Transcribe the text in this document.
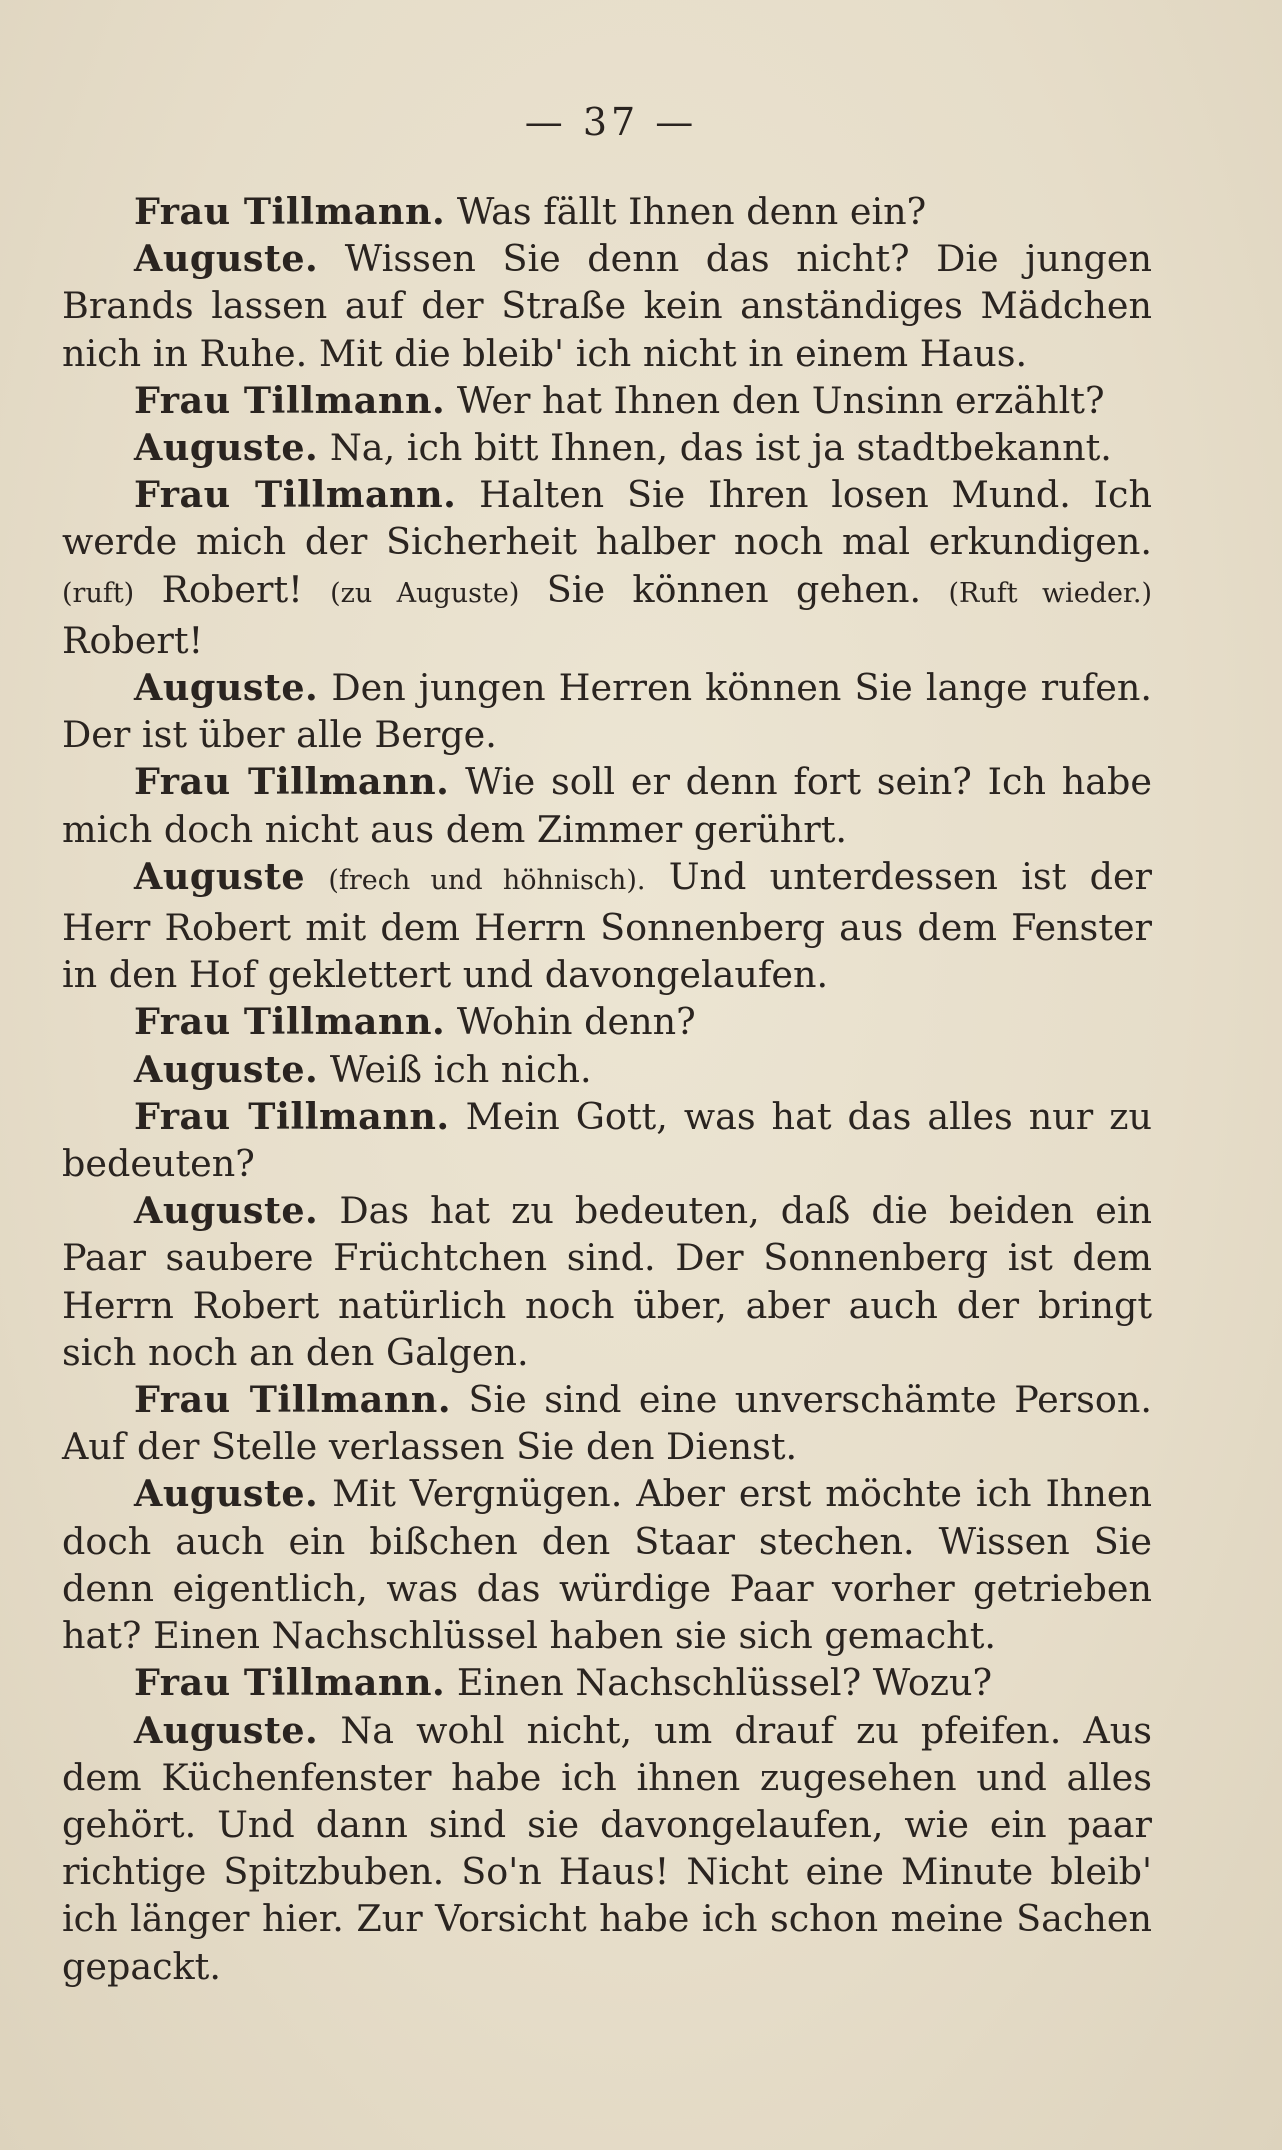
— 37 —

Frau Tillmann. Was fällt Ihnen denn ein?

Auguste. Wissen Sie denn das nicht? Die jungen Brands lassen auf der Straße kein anständiges Mädchen nich in Ruhe. Mit die bleib' ich nicht in einem Haus.

Frau Tillmann. Wer hat Ihnen den Unsinn erzählt?

Auguste. Na, ich bitt Ihnen, das ist ja stadtbekannt.

Frau Tillmann. Halten Sie Ihren losen Mund. Ich werde mich der Sicherheit halber noch mal erkundigen. (ruft) Robert! (zu Auguste) Sie können gehen. (Ruft wieder.) Robert!

Auguste. Den jungen Herren können Sie lange rufen. Der ist über alle Berge.

Frau Tillmann. Wie soll er denn fort sein? Ich habe mich doch nicht aus dem Zimmer gerührt.

Auguste (frech und höhnisch). Und unterdessen ist der Herr Robert mit dem Herrn Sonnenberg aus dem Fenster in den Hof geklettert und davongelaufen.

Frau Tillmann. Wohin denn?

Auguste. Weiß ich nich.

Frau Tillmann. Mein Gott, was hat das alles nur zu bedeuten?

Auguste. Das hat zu bedeuten, daß die beiden ein Paar saubere Früchtchen sind. Der Sonnenberg ist dem Herrn Robert natürlich noch über, aber auch der bringt sich noch an den Galgen.

Frau Tillmann. Sie sind eine unverschämte Person. Auf der Stelle verlassen Sie den Dienst.

Auguste. Mit Vergnügen. Aber erst möchte ich Ihnen doch auch ein bißchen den Staar stechen. Wissen Sie denn eigentlich, was das würdige Paar vorher getrieben hat? Einen Nachschlüssel haben sie sich gemacht.

Frau Tillmann. Einen Nachschlüssel? Wozu?

Auguste. Na wohl nicht, um drauf zu pfeifen. Aus dem Küchenfenster habe ich ihnen zugesehen und alles gehört. Und dann sind sie davongelaufen, wie ein paar richtige Spitzbuben. So'n Haus! Nicht eine Minute bleib' ich länger hier. Zur Vorsicht habe ich schon meine Sachen gepackt.
